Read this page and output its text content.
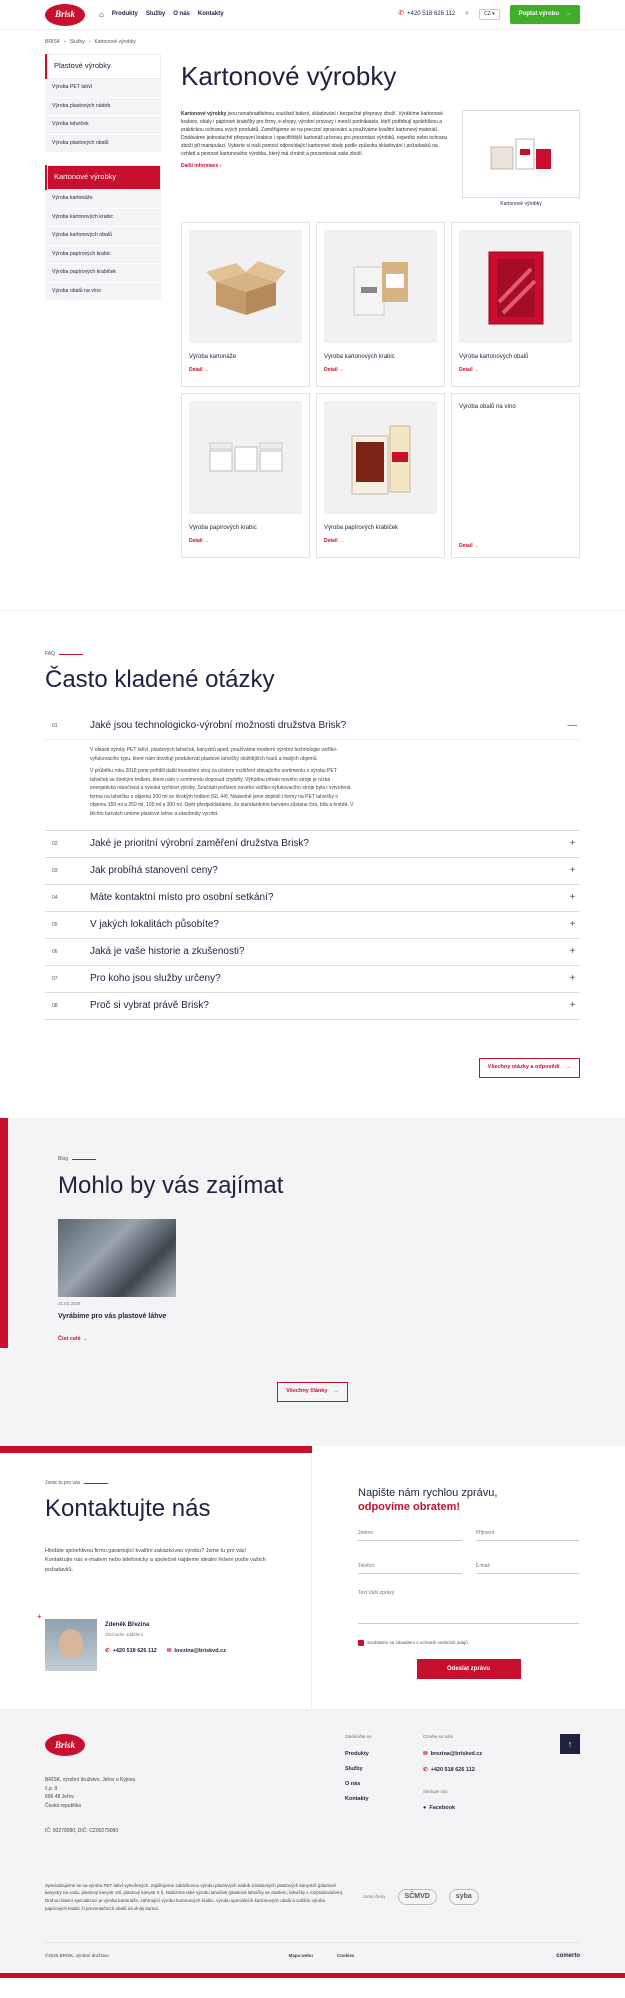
Brisk	⌂ Produkty Služby O nás Kontakty	✆ +420 518 626 112 ⌕	CZ ▾	Poptat výrobu →
BRISK › Služby › Kartonové výrobky
Plastové výrobky
Výroba PET lahví
Výroba plastových nádob
Výroba lahviček
Výroba plastových obalů
Kartonové výrobky
Výroba kartonáže
Výroba kartonových krabic
Výroba kartonových obalů
Výroba papírových krabic
Výroba papírových krabiček
Výroba obalů na víno
Kartonové výrobky
Kartonové výrobky jsou nenahraditelnou součástí balení, skladování i bezpečné přepravy zboží. Vyrábíme kartonové krabice, obaly i papírové krabičky pro firmy, e-shopy, výrobní provozy i menší podnikatele, kteří potřebují spolehlivou a praktickou ochranu svých produktů. Zaměřujeme se na precizní zpracování a používáme kvalitní kartonový materiál. Dodáváme jednoduché přepravní krabice i specifičtější kartonáž určenou pro prezentaci výrobků, expedici nebo ochranu zboží při manipulaci. Vyberte si naši pomocí odpovídající kartonové obaly podle způsobu skladování i požadavků na vzhled a pevnost kartonového výrobku, který má chránit a prezentovat vaše zboží.
Další informace ›
Kartonové výrobky
Výroba kartonáže
Detail →
Výroba kartonových krabic
Detail →
Výroba kartonových obalů
Detail →
Výroba papírových krabic
Detail →
Výroba papírových krabiček
Detail →
Výroba obalů na víno
Detail →
FAQ
Často kladené otázky
01	Jaké jsou technologicko-výrobní možnosti družstva Brisk?	—

V oblasti výroby PET lahví, plastových lahviček, kanystrů apod. používáme moderní výrobní technologie vstřiko-vyfukovacího typu, které nám dovolují produkovat plastové lahvičky složitějších tvarů a malých objemů.

V průběhu roku 2018 jsme pořídili další inovativní stroj za účelem rozšíření stávajícího sortimentu o výrobu PET lahviček se širokým hrdlem, které nám v sortimentu doposud chyběly. Výhodou tohoto nového stroje je nízká energetická náročnost a vysoká rychlost výroby. Součástí pořízení nového vstřiko-vyfukovacího stroje byla i vytvořená forma na lahvičku o objemu 200 ml se širokým hrdlem (GL 44). Následně jsme doplnili i formy na PET lahvičky o objemu 150 ml a 250 ml, 100 ml a 300 ml. Opět předpokládáme, že standardními barvami zůstane čirá, bílá a hnědá. V těchto barvách umíme plastové lahve a zásobníky vyrobit.

02	Jaké je prioritní výrobní zaměření družstva Brisk?	+
03	Jak probíhá stanovení ceny?	+
04	Máte kontaktní místo pro osobní setkání?	+
05	V jakých lokalitách působíte?	+
06	Jaká je vaše historie a zkušenosti?	+
07	Pro koho jsou služby určeny?	+
08	Proč si vybrat právě Brisk?	+
Všechny otázky a odpovědi →
Blog
Mohlo by vás zajímat
21.03.2025
Vyrábíme pro vás plastové láhve
Číst celé →
Všechny články →
Jsme tu pro vás
Kontaktujte nás

Hledáte spolehlivou firmu garantující kvalitní zakázkovou výrobu? Jsme tu pro vás! Kontaktujte nás e-mailem nebo telefonicky a společně najdeme ideální řešení podle vašich požadavků.

+
Zdeněk Březina
Obchodní oddělení
✆ +420 518 626 112 ✉ brezina@briskvd.cz
Napište nám rychlou zprávu,
odpovíme obratem!
Jméno
Příjmení
Telefon
E-mail
Text Vaší zprávy
Souhlasím se zásadami o ochraně osobních údajů
Odeslat zprávu
Brisk
BRISK, výrobní družstvo, Jeřov u Kyjova
č.p. 9
696 48 Jeřov
Česká republika
IČ: 00279080, DIČ: CZ00279080
Zaklikněte se
Produkty
Služby
O nás
Kontakty
Ozvěte se nám
✉ brezina@briskvd.cz
✆ +420 518 626 112
Sledujte nás
● Facebook
↑

Specializujeme se na výrobu PET lahví vytvořených. Zajišťujeme zakázkovou výrobu plastových nádob a klasických plastových kanystrů (plastové kanystry na vodu, plastový kanystr 10l, plastový kanystr 5 l). Nabízíme také výrobu lahviček (plastové lahvičky se závitem, lahvičky s rozprašovačem). Druhou hlavní specializací je výroba kartonáže, zahrnující výrobu kartonových krabic, výrobu speciálních kartonových obalů a zašším výrobu papírových krabic či prezentačních obalů na vlnitý karton.

Jsme členy	SČMVD	syba
©2025 BRISK, výrobní družstvo	Mapa webu	Cookies	comerto
